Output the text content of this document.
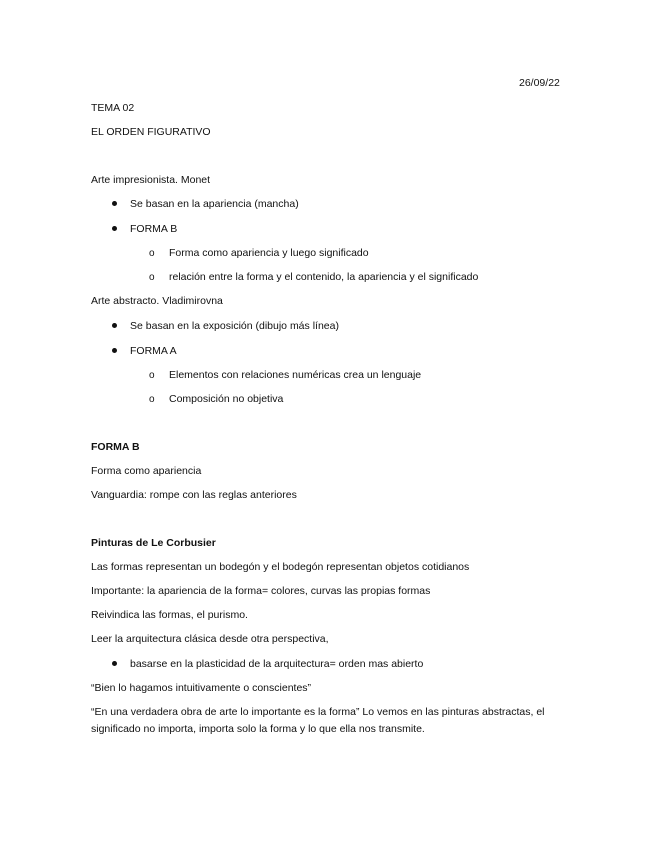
26/09/22
TEMA 02
EL ORDEN FIGURATIVO
Arte impresionista. Monet
Se basan en la apariencia (mancha)
FORMA B
o Forma como apariencia y luego significado
o relación entre la forma y el contenido, la apariencia y el significado
Arte abstracto. Vladimirovna
Se basan en la exposición (dibujo más línea)
FORMA A
o Elementos con relaciones numéricas crea un lenguaje
o Composición no objetiva
FORMA B
Forma como apariencia
Vanguardia: rompe con las reglas anteriores
Pinturas de Le Corbusier
Las formas representan un bodegón y el bodegón representan objetos cotidianos
Importante: la apariencia de la forma= colores, curvas las propias formas
Reivindica las formas, el purismo.
Leer la arquitectura clásica desde otra perspectiva,
basarse en la plasticidad de la arquitectura= orden mas abierto
“Bien lo hagamos intuitivamente o conscientes”
“En una verdadera obra de arte lo importante es la forma” Lo vemos en las pinturas abstractas, el
significado no importa, importa solo la forma y lo que ella nos transmite.
